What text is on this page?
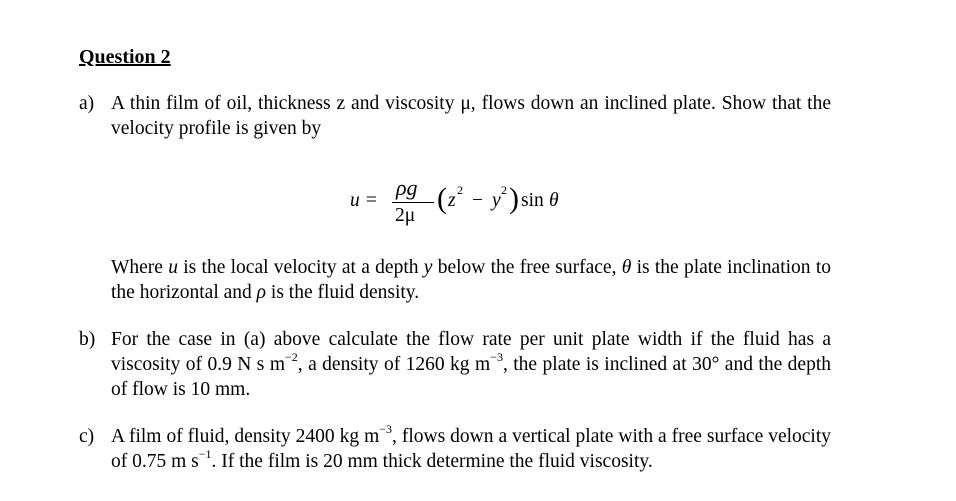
Question 2
a) A thin film of oil, thickness z and viscosity μ, flows down an inclined plate. Show that the velocity profile is given by
u =
ρg
2μ
( z 2 − y 2 ) sin θ
Where u is the local velocity at a depth y below the free surface, θ is the plate inclination to the horizontal and ρ is the fluid density.
b) For the case in (a) above calculate the flow rate per unit plate width if the fluid has a viscosity of 0.9 N s $m^{-2}$, a density of 1260 kg $m^{-3}$, the plate is inclined at 30° and the depth of flow is 10 mm.
c) A film of fluid, density 2400 kg $m^{-3}$, flows down a vertical plate with a free surface velocity of 0.75 m $s^{-1}$. If the film is 20 mm thick determine the fluid viscosity.
